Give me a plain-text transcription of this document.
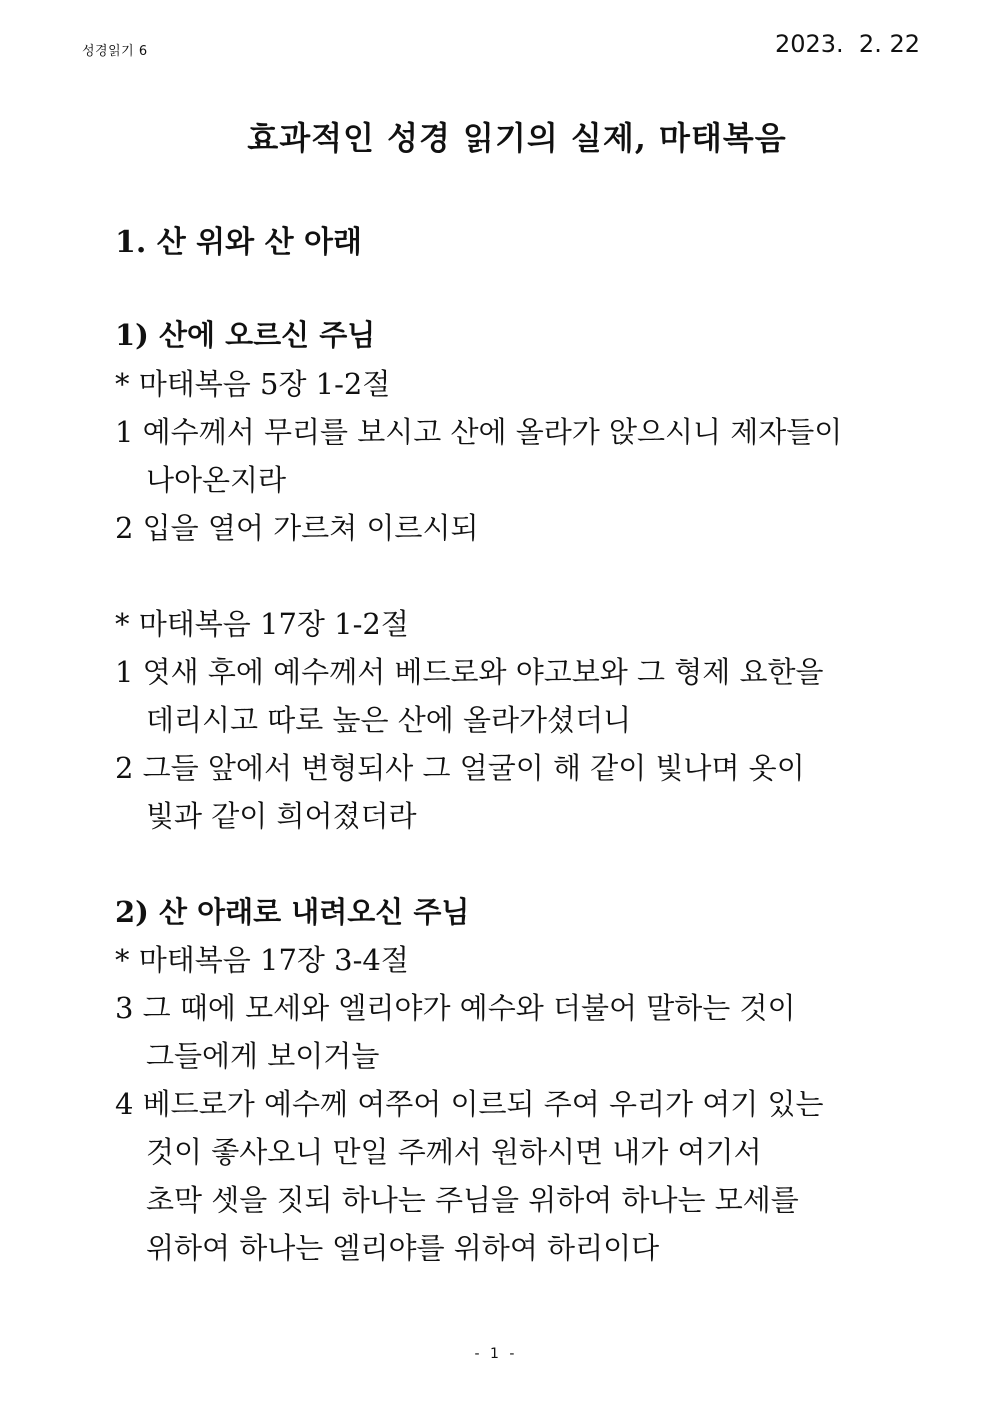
성경읽기 6	2023.  2. 22
효과적인 성경 읽기의 실제, 마태복음
1. 산 위와 산 아래
1) 산에 오르신 주님
* 마태복음 5장 1-2절
1 예수께서 무리를 보시고 산에 올라가 앉으시니 제자들이
나아온지라
2 입을 열어 가르쳐 이르시되
* 마태복음 17장 1-2절
1 엿새 후에 예수께서 베드로와 야고보와 그 형제 요한을
데리시고 따로 높은 산에 올라가셨더니
2 그들 앞에서 변형되사 그 얼굴이 해 같이 빛나며 옷이
빛과 같이 희어졌더라
2) 산 아래로 내려오신 주님
* 마태복음 17장 3-4절
3 그 때에 모세와 엘리야가 예수와 더불어 말하는 것이
그들에게 보이거늘
4 베드로가 예수께 여쭈어 이르되 주여 우리가 여기 있는
것이 좋사오니 만일 주께서 원하시면 내가 여기서
초막 셋을 짓되 하나는 주님을 위하여 하나는 모세를
위하여 하나는 엘리야를 위하여 하리이다
- 1 -
